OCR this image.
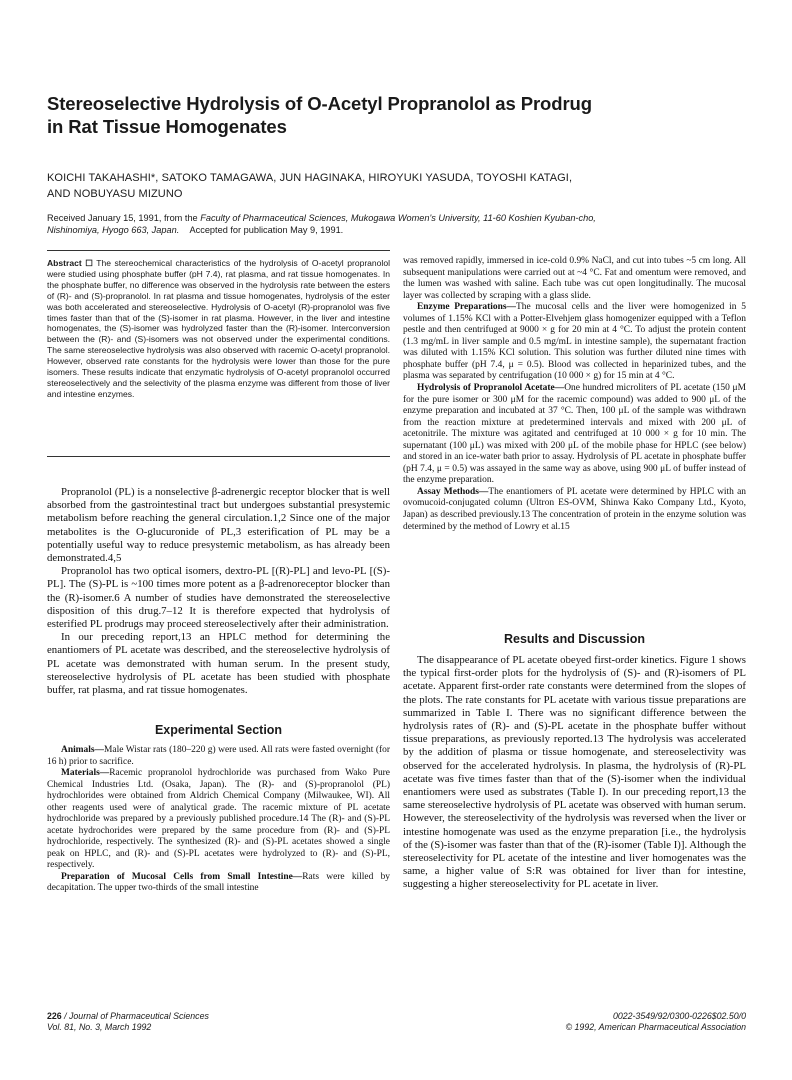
Stereoselective Hydrolysis of O-Acetyl Propranolol as Prodrug
in Rat Tissue Homogenates
KOICHI TAKAHASHI*, SATOKO TAMAGAWA, JUN HAGINAKA, HIROYUKI YASUDA, TOYOSHI KATAGI,
AND NOBUYASU MIZUNO
Received January 15, 1991, from the Faculty of Pharmaceutical Sciences, Mukogawa Women's University, 11-60 Koshien Kyuban-cho,
Nishinomiya, Hyogo 663, Japan. Accepted for publication May 9, 1991.

Abstract ☐ The stereochemical characteristics of the hydrolysis of O-acetyl propranolol were studied using phosphate buffer (pH 7.4), rat plasma, and rat tissue homogenates. In the phosphate buffer, no difference was observed in the hydrolysis rate between the esters of (R)- and (S)-propranolol. In rat plasma and tissue homogenates, hydrolysis of the ester was both accelerated and stereoselective. Hydrolysis of O-acetyl (R)-propranolol was five times faster than that of the (S)-isomer in rat plasma. However, in the liver and intestine homogenates, the (S)-isomer was hydrolyzed faster than the (R)-isomer. Interconversion between the (R)- and (S)-isomers was not observed under the experimental conditions. The same stereoselective hydrolysis was also observed with racemic O-acetyl propranolol. However, observed rate constants for the hydrolysis were lower than those for the pure isomers. These results indicate that enzymatic hydrolysis of O-acetyl propranolol occurred stereoselectively and the selectivity of the plasma enzyme was different from those of liver and intestine enzymes.

Propranolol (PL) is a nonselective β-adrenergic receptor blocker that is well absorbed from the gastrointestinal tract but undergoes substantial presystemic metabolism before reaching the general circulation.1,2 Since one of the major metabolites is the O-glucuronide of PL,3 esterification of PL may be a potentially useful way to reduce presystemic metabolism, as has already been demonstrated.4,5

Propranolol has two optical isomers, dextro-PL [(R)-PL] and levo-PL [(S)-PL]. The (S)-PL is ~100 times more potent as a β-adrenoreceptor blocker than the (R)-isomer.6 A number of studies have demonstrated the stereoselective disposition of this drug.7–12 It is therefore expected that hydrolysis of esterified PL prodrugs may proceed stereoselectively after their administration.

In our preceding report,13 an HPLC method for determining the enantiomers of PL acetate was described, and the stereoselective hydrolysis of PL acetate was demonstrated with human serum. In the present study, stereoselective hydrolysis of PL acetate has been studied with phosphate buffer, rat plasma, and rat tissue homogenates.

Experimental Section

Animals—Male Wistar rats (180–220 g) were used. All rats were fasted overnight (for 16 h) prior to sacrifice.

Materials—Racemic propranolol hydrochloride was purchased from Wako Pure Chemical Industries Ltd. (Osaka, Japan). The (R)- and (S)-propranolol (PL) hydrochlorides were obtained from Aldrich Chemical Company (Milwaukee, WI). All other reagents used were of analytical grade. The racemic mixture of PL acetate hydrochloride was prepared by a previously published procedure.14 The (R)- and (S)-PL acetate hydrochorides were prepared by the same procedure from (R)- and (S)-PL hydrochloride, respectively. The synthesized (R)- and (S)-PL acetates showed a single peak on HPLC, and (R)- and (S)-PL acetates were hydrolyzed to (R)- and (S)-PL, respectively.

Preparation of Mucosal Cells from Small Intestine—Rats were killed by decapitation. The upper two-thirds of the small intestine

was removed rapidly, immersed in ice-cold 0.9% NaCl, and cut into tubes ~5 cm long. All subsequent manipulations were carried out at ~4 °C. Fat and omentum were removed, and the lumen was washed with saline. Each tube was cut open longitudinally. The mucosal layer was collected by scraping with a glass slide.

Enzyme Preparations—The mucosal cells and the liver were homogenized in 5 volumes of 1.15% KCl with a Potter-Elvehjem glass homogenizer equipped with a Teflon pestle and then centrifuged at 9000 × g for 20 min at 4 °C. To adjust the protein content (1.3 mg/mL in liver sample and 0.5 mg/mL in intestine sample), the supernatant fraction was diluted with 1.15% KCl solution. This solution was further diluted nine times with phosphate buffer (pH 7.4, μ = 0.5). Blood was collected in heparinized tubes, and the plasma was separated by centrifugation (10 000 × g) for 15 min at 4 °C.

Hydrolysis of Propranolol Acetate—One hundred microliters of PL acetate (150 μM for the pure isomer or 300 μM for the racemic compound) was added to 900 μL of the enzyme preparation and incubated at 37 °C. Then, 100 μL of the sample was withdrawn from the reaction mixture at predetermined intervals and mixed with 200 μL of acetonitrile. The mixture was agitated and centrifuged at 10 000 × g for 10 min. The supernatant (100 μL) was mixed with 200 μL of the mobile phase for HPLC (see below) and stored in an ice-water bath prior to assay. Hydrolysis of PL acetate in phosphate buffer (pH 7.4, μ = 0.5) was assayed in the same way as above, using 900 μL of buffer instead of the enzyme preparation.

Assay Methods—The enantiomers of PL acetate were determined by HPLC with an ovomucoid-conjugated column (Ultron ES-OVM, Shinwa Kako Company Ltd., Kyoto, Japan) as described previously.13 The concentration of protein in the enzyme solution was determined by the method of Lowry et al.15

Results and Discussion

The disappearance of PL acetate obeyed first-order kinetics. Figure 1 shows the typical first-order plots for the hydrolysis of (S)- and (R)-isomers of PL acetate. Apparent first-order rate constants were determined from the slopes of the plots. The rate constants for PL acetate with various tissue preparations are summarized in Table I. There was no significant difference between the hydrolysis rates of (R)- and (S)-PL acetate in the phosphate buffer without tissue preparations, as previously reported.13 The hydrolysis was accelerated by the addition of plasma or tissue homogenate, and stereoselectivity was observed for the accelerated hydrolysis. In plasma, the hydrolysis of (R)-PL acetate was five times faster than that of the (S)-isomer when the individual enantiomers were used as substrates (Table I). In our preceding report,13 the same stereoselective hydrolysis of PL acetate was observed with human serum. However, the stereoselectivity of the hydrolysis was reversed when the liver or intestine homogenate was used as the enzyme preparation [i.e., the hydrolysis of the (S)-isomer was faster than that of the (R)-isomer (Table I)]. Although the stereoselectivity for PL acetate of the intestine and liver homogenates was the same, a higher value of S:R was obtained for liver than for intestine, suggesting a higher stereoselectivity for PL acetate in liver.

226 / Journal of Pharmaceutical Sciences
Vol. 81, No. 3, March 1992
0022-3549/92/0300-0226$02.50/0
© 1992, American Pharmaceutical Association
